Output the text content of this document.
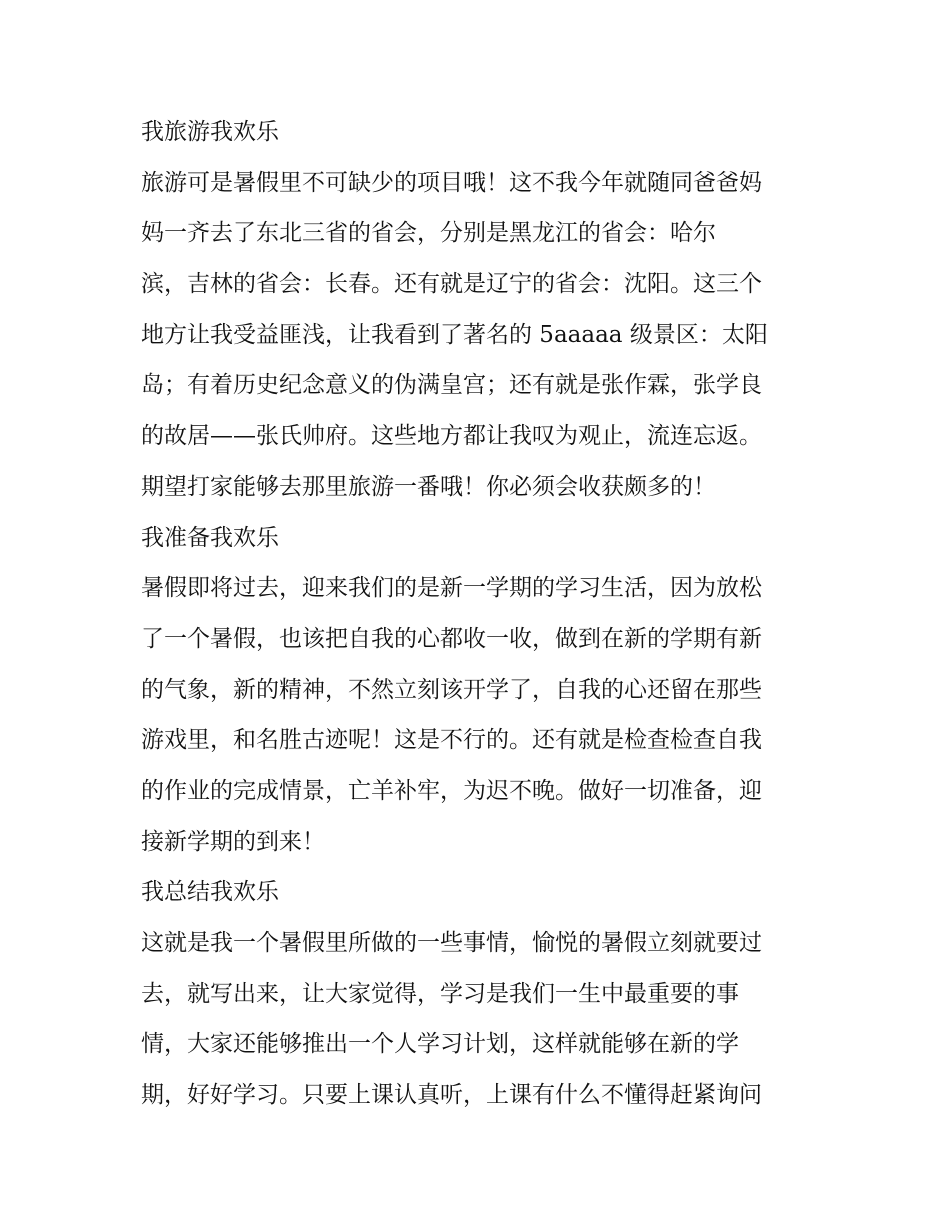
我旅游我欢乐
旅游可是暑假里不可缺少的项目哦！这不我今年就随同爸爸妈
妈一齐去了东北三省的省会，分别是黑龙江的省会：哈尔
滨，吉林的省会：长春。还有就是辽宁的省会：沈阳。这三个
地方让我受益匪浅，让我看到了著名的 5aaaaa 级景区：太阳
岛；有着历史纪念意义的伪满皇宫；还有就是张作霖，张学良
的故居——张氏帅府。这些地方都让我叹为观止，流连忘返。
期望打家能够去那里旅游一番哦！你必须会收获颇多的！
我准备我欢乐
暑假即将过去，迎来我们的是新一学期的学习生活，因为放松
了一个暑假，也该把自我的心都收一收，做到在新的学期有新
的气象，新的精神，不然立刻该开学了，自我的心还留在那些
游戏里，和名胜古迹呢！这是不行的。还有就是检查检查自我
的作业的完成情景，亡羊补牢，为迟不晚。做好一切准备，迎
接新学期的到来！
我总结我欢乐
这就是我一个暑假里所做的一些事情，愉悦的暑假立刻就要过
去，就写出来，让大家觉得，学习是我们一生中最重要的事
情，大家还能够推出一个人学习计划，这样就能够在新的学
期，好好学习。只要上课认真听，上课有什么不懂得赶紧询问
